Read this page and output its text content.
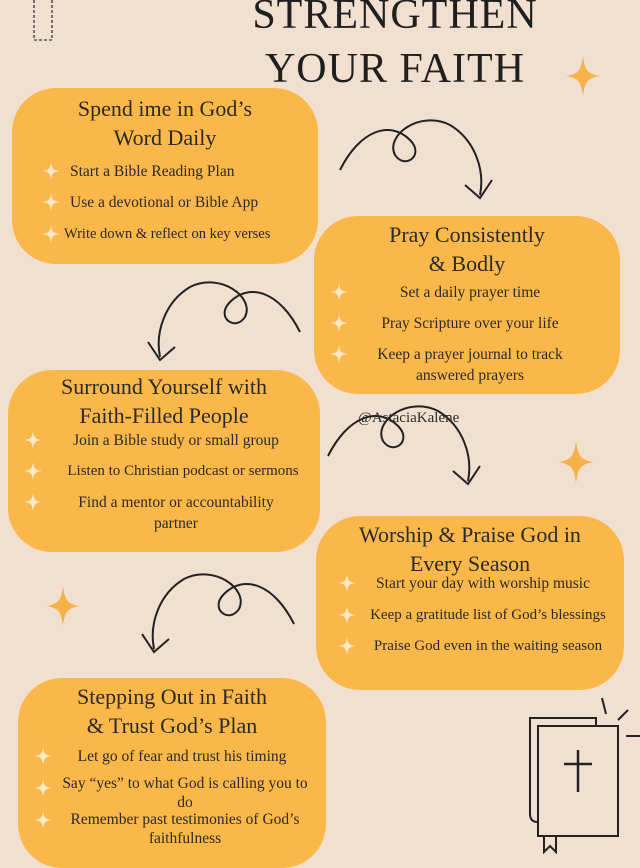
STRENGTHEN
YOUR FAITH
Spend ime in God’s
Word Daily
Start a Bible Reading Plan
Use a devotional or Bible App
Write down & reflect on key verses	Pray Consistently
& Bodly
Set a daily prayer time
Pray Scripture over your life
Keep a prayer journal to track
answered prayers
@AstaciaKalene
Surround Yourself with
Faith-Filled People
Join a Bible study or small group
Listen to Christian podcast or sermons
Find a mentor or accountability
partner	Worship & Praise God in
Every Season
Start your day with worship music
Keep a gratitude list of God’s blessings
Praise God even in the waiting season
Stepping Out in Faith
& Trust God’s Plan
Let go of fear and trust his timing
Say “yes” to what God is calling you to
do
Remember past testimonies of God’s
faithfulness
